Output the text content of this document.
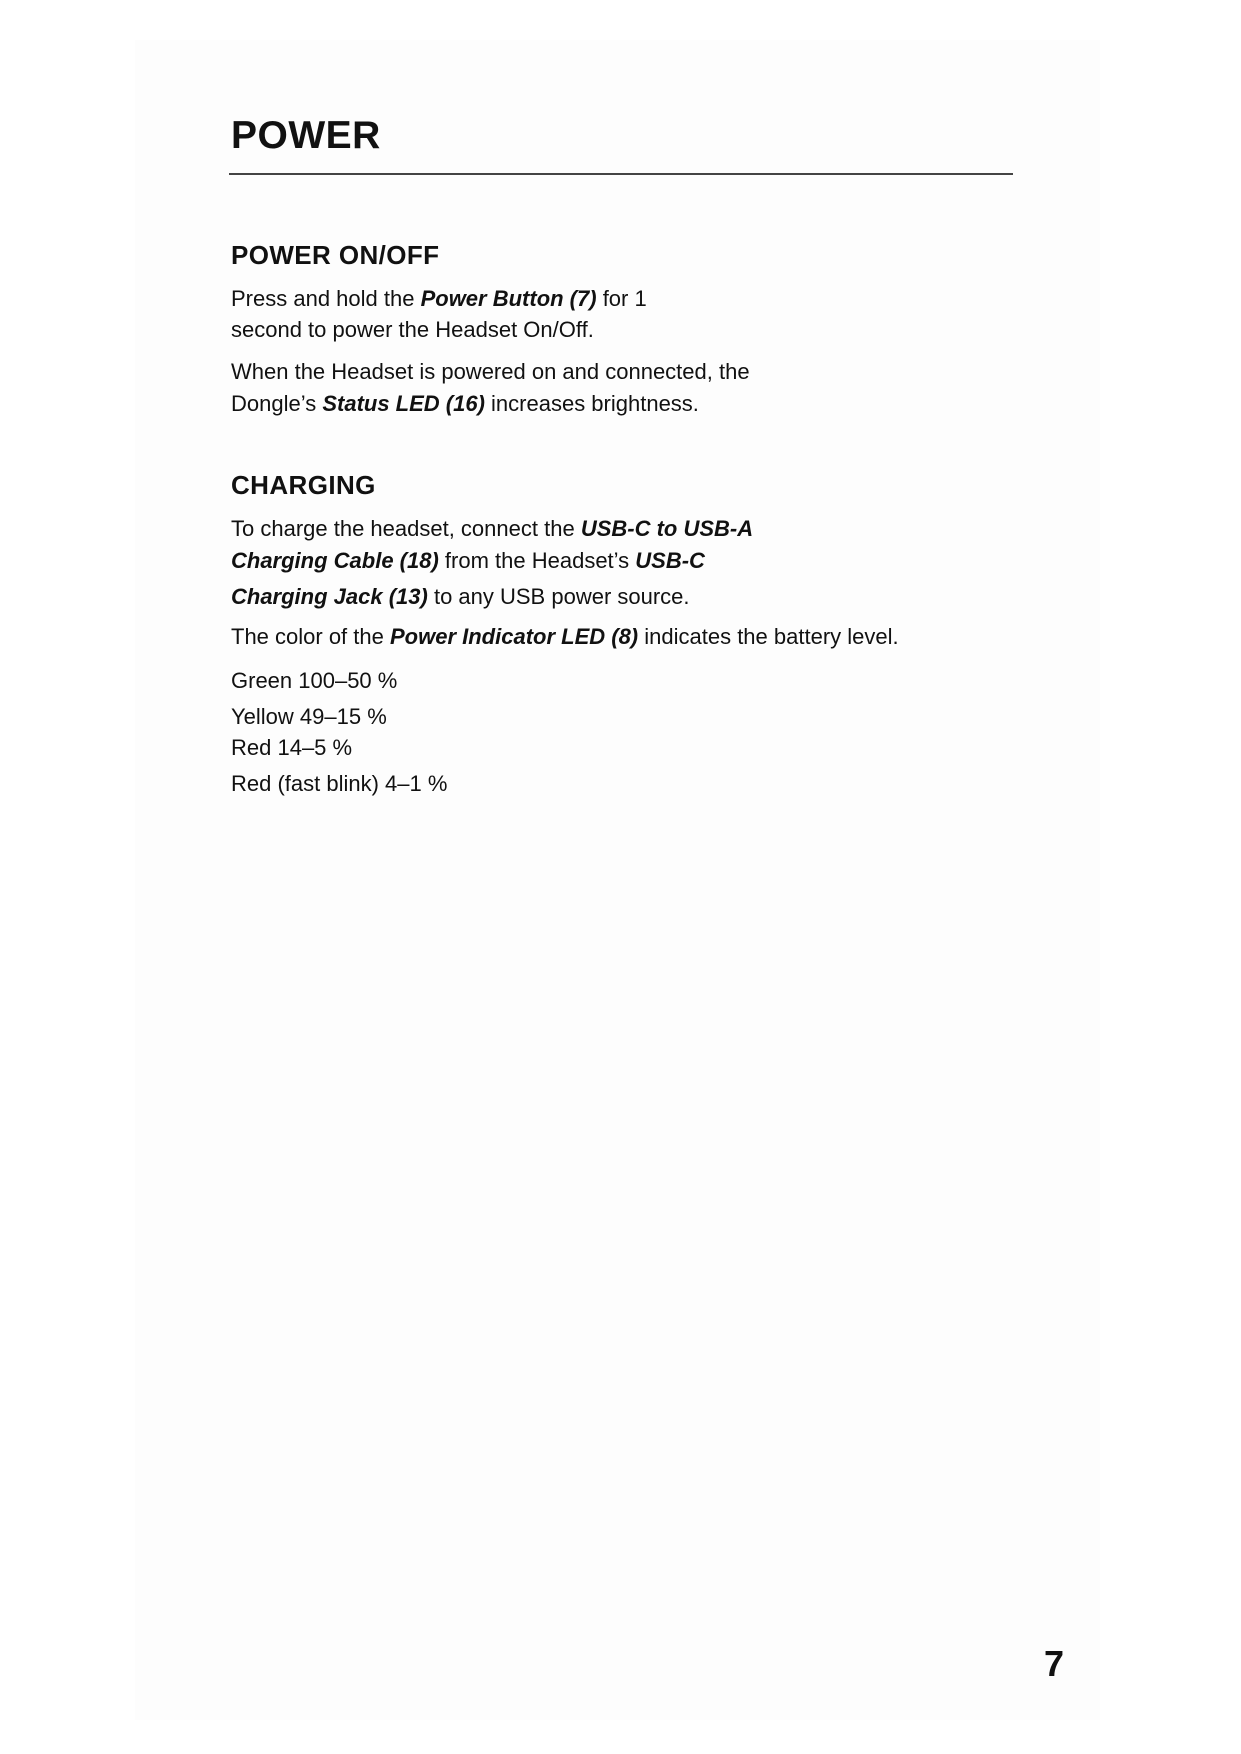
POWER
POWER ON/OFF

Press and hold the Power Button (7) for 1

second to power the Headset On/Off.

When the Headset is powered on and connected, the

Dongle’s Status LED (16) increases brightness.

CHARGING

To charge the headset, connect the USB-C to USB-A

Charging Cable (18) from the Headset’s USB-C

Charging Jack (13) to any USB power source.

The color of the Power Indicator LED (8) indicates the battery level.

Green 100–50 %

Yellow 49–15 %

Red 14–5 %

Red (fast blink) 4–1 %

7
